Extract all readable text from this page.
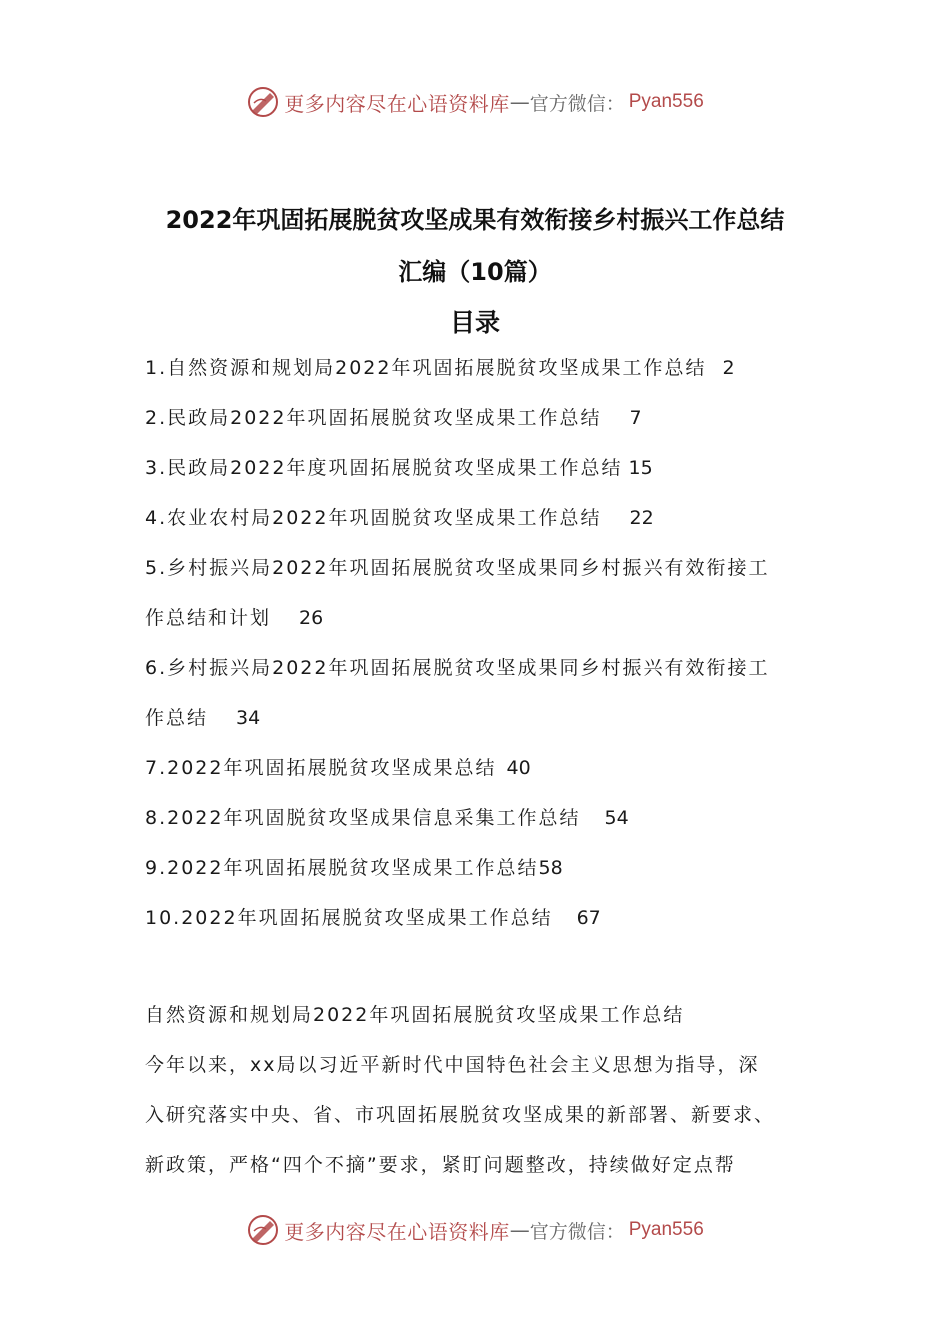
更多内容尽在心语资料库 — 官方微信： Pyan556
2022年巩固拓展脱贫攻坚成果有效衔接乡村振兴工作总结
汇编（10篇）
目录
1.自然资源和规划局2022年巩固拓展脱贫攻坚成果工作总结 2
2.民政局2022年巩固拓展脱贫攻坚成果工作总结 7
3.民政局2022年度巩固拓展脱贫攻坚成果工作总结 15
4.农业农村局2022年巩固脱贫攻坚成果工作总结 22
5.乡村振兴局2022年巩固拓展脱贫攻坚成果同乡村振兴有效衔接工
作总结和计划 26
6.乡村振兴局2022年巩固拓展脱贫攻坚成果同乡村振兴有效衔接工
作总结 34
7.2022年巩固拓展脱贫攻坚成果总结 40
8.2022年巩固脱贫攻坚成果信息采集工作总结 54
9.2022年巩固拓展脱贫攻坚成果工作总结58
10.2022年巩固拓展脱贫攻坚成果工作总结 67

自然资源和规划局2022年巩固拓展脱贫攻坚成果工作总结

今年以来，xx局以习近平新时代中国特色社会主义思想为指导，深

入研究落实中央、省、市巩固拓展脱贫攻坚成果的新部署、新要求、

新政策，严格“四个不摘”要求，紧盯问题整改，持续做好定点帮

更多内容尽在心语资料库 — 官方微信： Pyan556
